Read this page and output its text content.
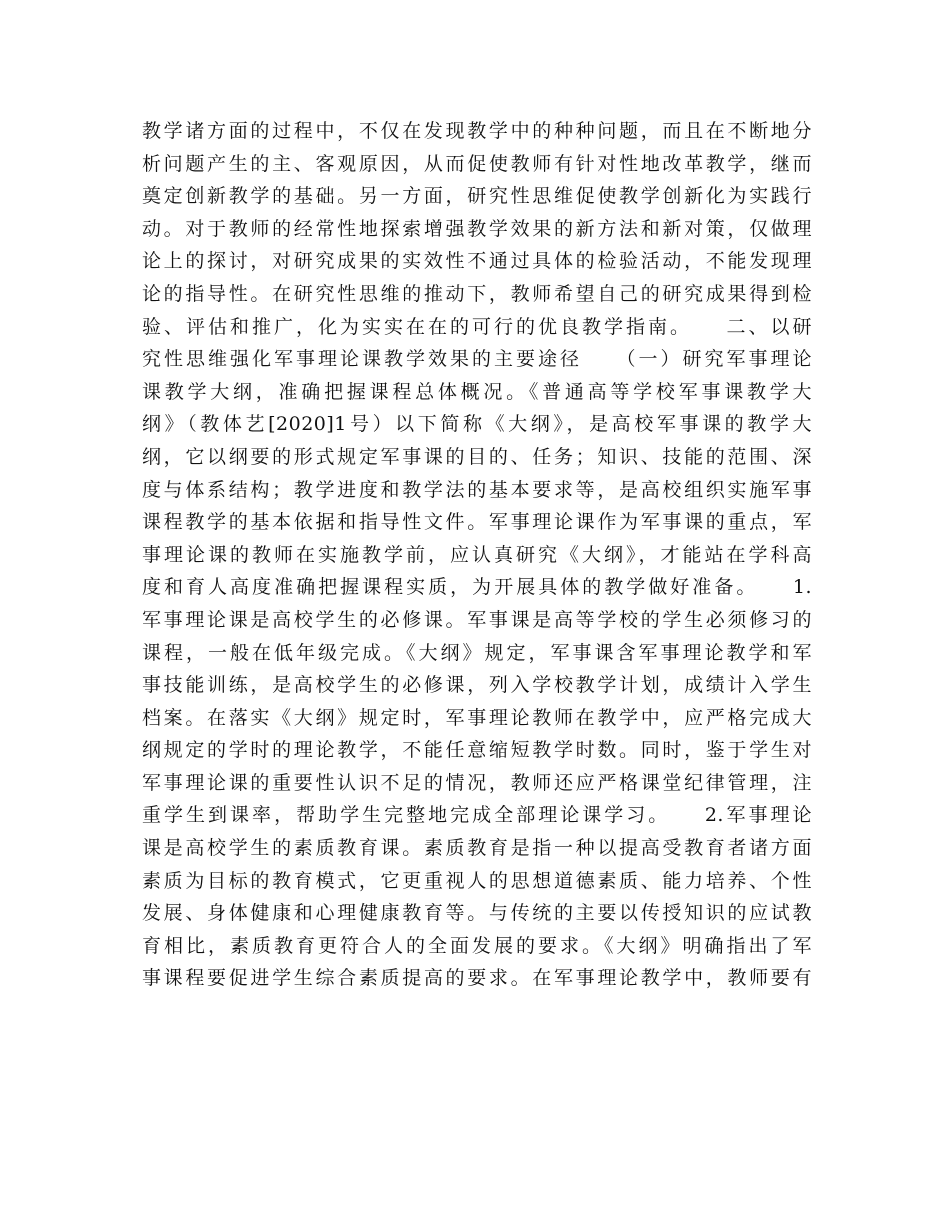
教学诸方面的过程中，不仅在发现教学中的种种问题，而且在不断地分
析问题产生的主、客观原因，从而促使教师有针对性地改革教学，继而
奠定创新教学的基础。另一方面，研究性思维促使教学创新化为实践行
动。对于教师的经常性地探索增强教学效果的新方法和新对策，仅做理
论上的探讨，对研究成果的实效性不通过具体的检验活动，不能发现理
论的指导性。在研究性思维的推动下，教师希望自己的研究成果得到检
验、评估和推广，化为实实在在的可行的优良教学指南。　　二、以研
究性思维强化军事理论课教学效果的主要途径　　（一）研究军事理论
课教学大纲，准确把握课程总体概况。《普通高等学校军事课教学大
纲》（教体艺[2020]1号）以下简称《大纲》，是高校军事课的教学大
纲，它以纲要的形式规定军事课的目的、任务；知识、技能的范围、深
度与体系结构；教学进度和教学法的基本要求等，是高校组织实施军事
课程教学的基本依据和指导性文件。军事理论课作为军事课的重点，军
事理论课的教师在实施教学前，应认真研究《大纲》，才能站在学科高
度和育人高度准确把握课程实质，为开展具体的教学做好准备。　　1.
军事理论课是高校学生的必修课。军事课是高等学校的学生必须修习的
课程，一般在低年级完成。《大纲》规定，军事课含军事理论教学和军
事技能训练，是高校学生的必修课，列入学校教学计划，成绩计入学生
档案。在落实《大纲》规定时，军事理论教师在教学中，应严格完成大
纲规定的学时的理论教学，不能任意缩短教学时数。同时，鉴于学生对
军事理论课的重要性认识不足的情况，教师还应严格课堂纪律管理，注
重学生到课率，帮助学生完整地完成全部理论课学习。　　2.军事理论
课是高校学生的素质教育课。素质教育是指一种以提高受教育者诸方面
素质为目标的教育模式，它更重视人的思想道德素质、能力培养、个性
发展、身体健康和心理健康教育等。与传统的主要以传授知识的应试教
育相比，素质教育更符合人的全面发展的要求。《大纲》明确指出了军
事课程要促进学生综合素质提高的要求。在军事理论教学中，教师要有
